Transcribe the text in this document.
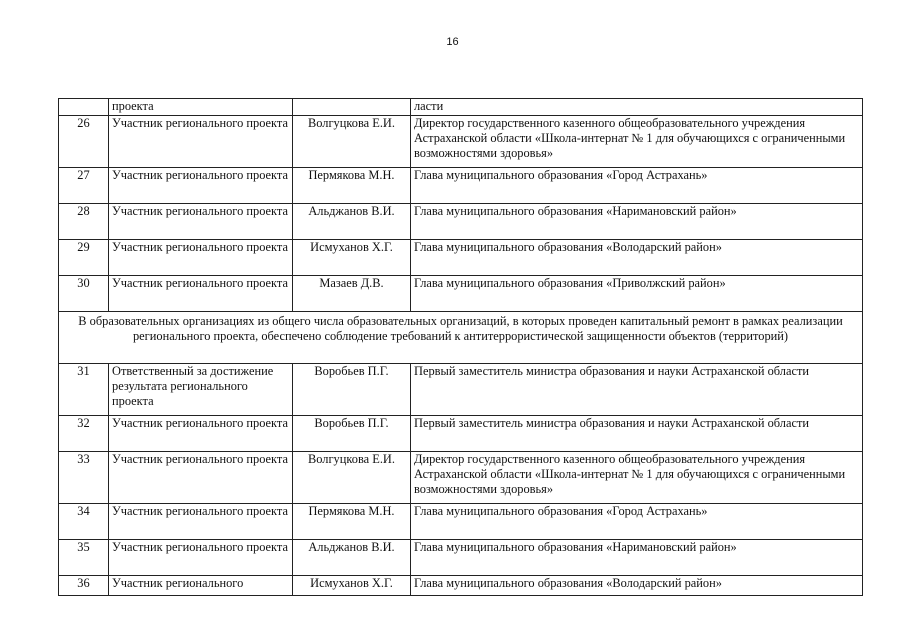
16
	проекта		ласти
26	Участник регионального проекта	Волгуцкова Е.И.	Директор государственного казенного общеобразовательного учреждения Астраханской области «Школа-интернат № 1 для обучающихся с ограниченными возможностями здоровья»
27	Участник регионального проекта	Пермякова М.Н.	Глава муниципального образования «Город Астрахань»
28	Участник регионального проекта	Альджанов В.И.	Глава муниципального образования «Наримановский район»
29	Участник регионального проекта	Исмуханов Х.Г.	Глава муниципального образования «Володарский район»
30	Участник регионального проекта	Мазаев Д.В.	Глава муниципального образования «Приволжский район»
В образовательных организациях из общего числа образовательных организаций, в которых проведен капитальный ремонт в рамках реализации регионального проекта, обеспечено соблюдение требований к антитеррористической защищенности объектов (территорий)			
31	Ответственный за достижение результата регионального проекта	Воробьев П.Г.	Первый заместитель министра образования и науки Астраханской области
32	Участник регионального проекта	Воробьев П.Г.	Первый заместитель министра образования и науки Астраханской области
33	Участник регионального проекта	Волгуцкова Е.И.	Директор государственного казенного общеобразовательного учреждения Астраханской области «Школа-интернат № 1 для обучающихся с ограниченными возможностями здоровья»
34	Участник регионального проекта	Пермякова М.Н.	Глава муниципального образования «Город Астрахань»
35	Участник регионального проекта	Альджанов В.И.	Глава муниципального образования «Наримановский район»
36	Участник регионального	Исмуханов Х.Г.	Глава муниципального образования «Володарский район»
